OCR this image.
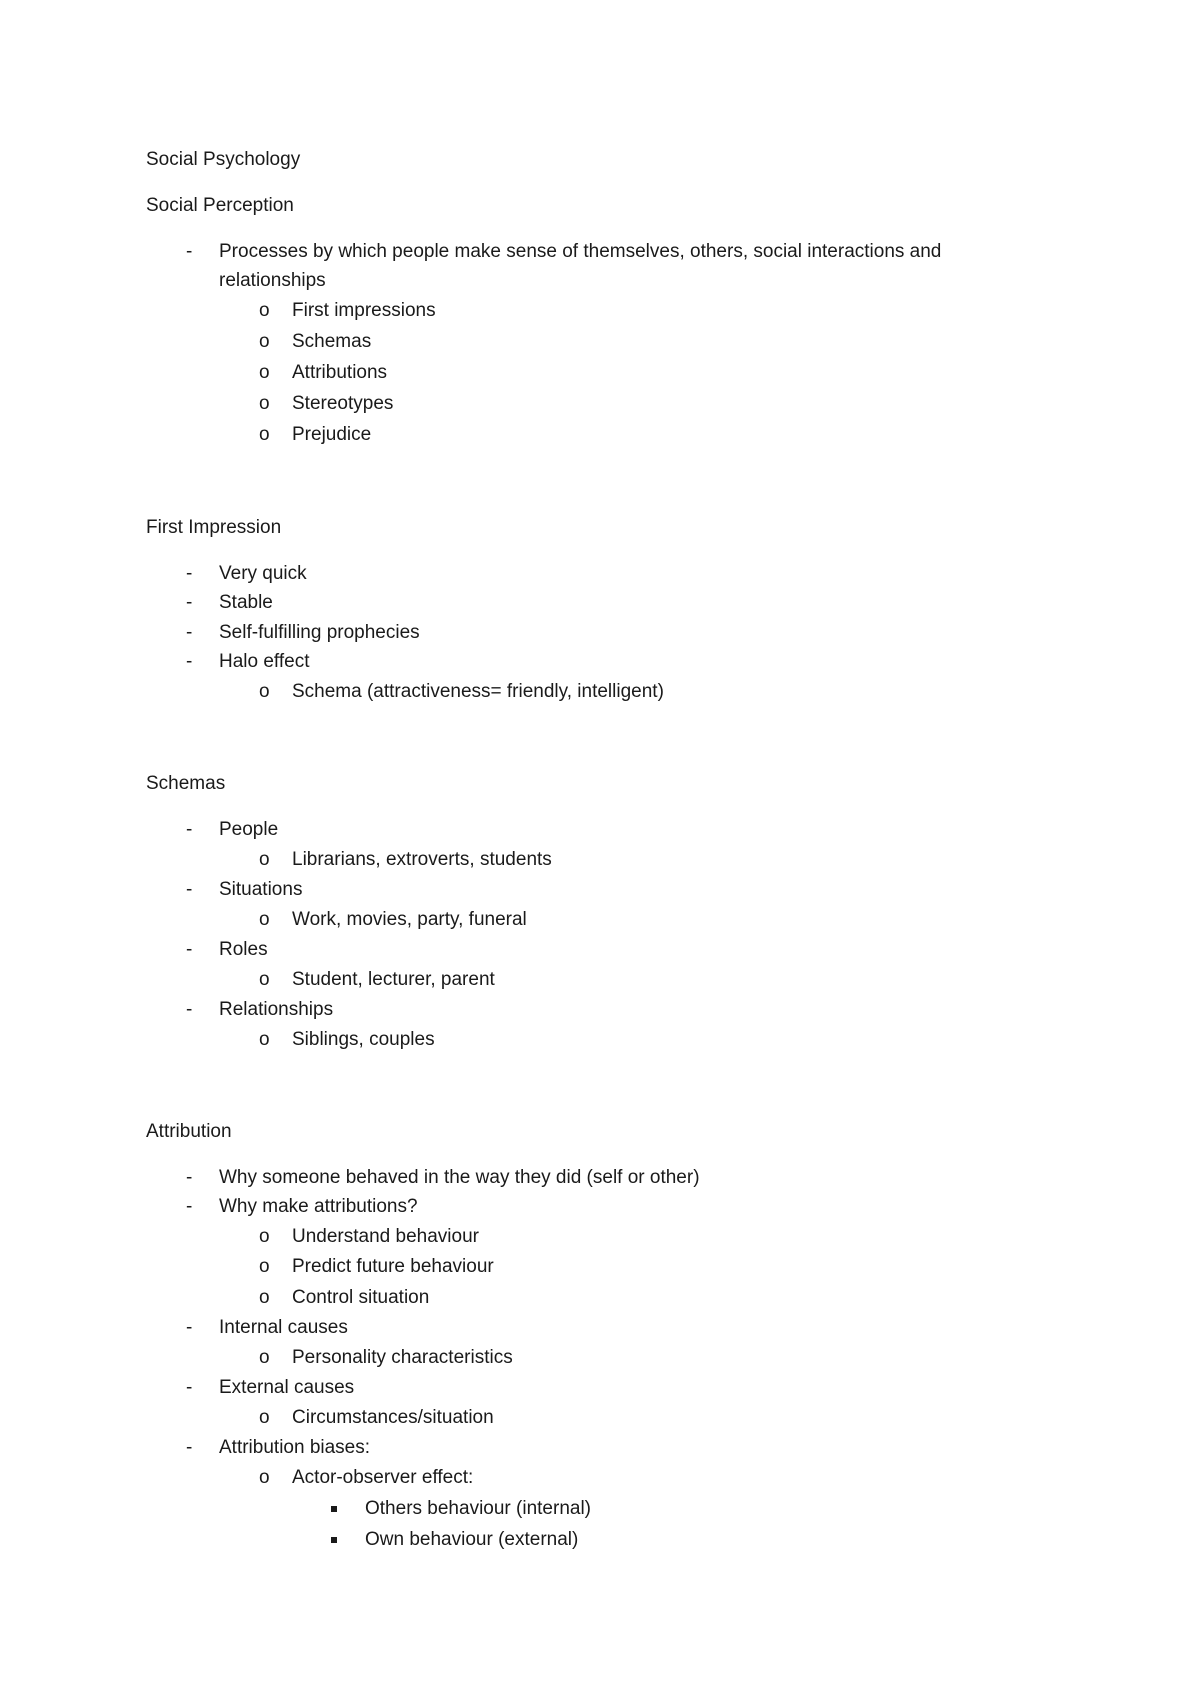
Social Psychology
Social Perception
- Processes by which people make sense of themselves, others, social interactions and
relationships
o First impressions
o Schemas
o Attributions
o Stereotypes
o Prejudice
First Impression
- Very quick
- Stable
- Self-fulfilling prophecies
- Halo effect
o Schema (attractiveness= friendly, intelligent)
Schemas
- People
o Librarians, extroverts, students
- Situations
o Work, movies, party, funeral
- Roles
o Student, lecturer, parent
- Relationships
o Siblings, couples
Attribution
- Why someone behaved in the way they did (self or other)
- Why make attributions?
o Understand behaviour
o Predict future behaviour
o Control situation
- Internal causes
o Personality characteristics
- External causes
o Circumstances/situation
- Attribution biases:
o Actor-observer effect:
Others behaviour (internal)
Own behaviour (external)
